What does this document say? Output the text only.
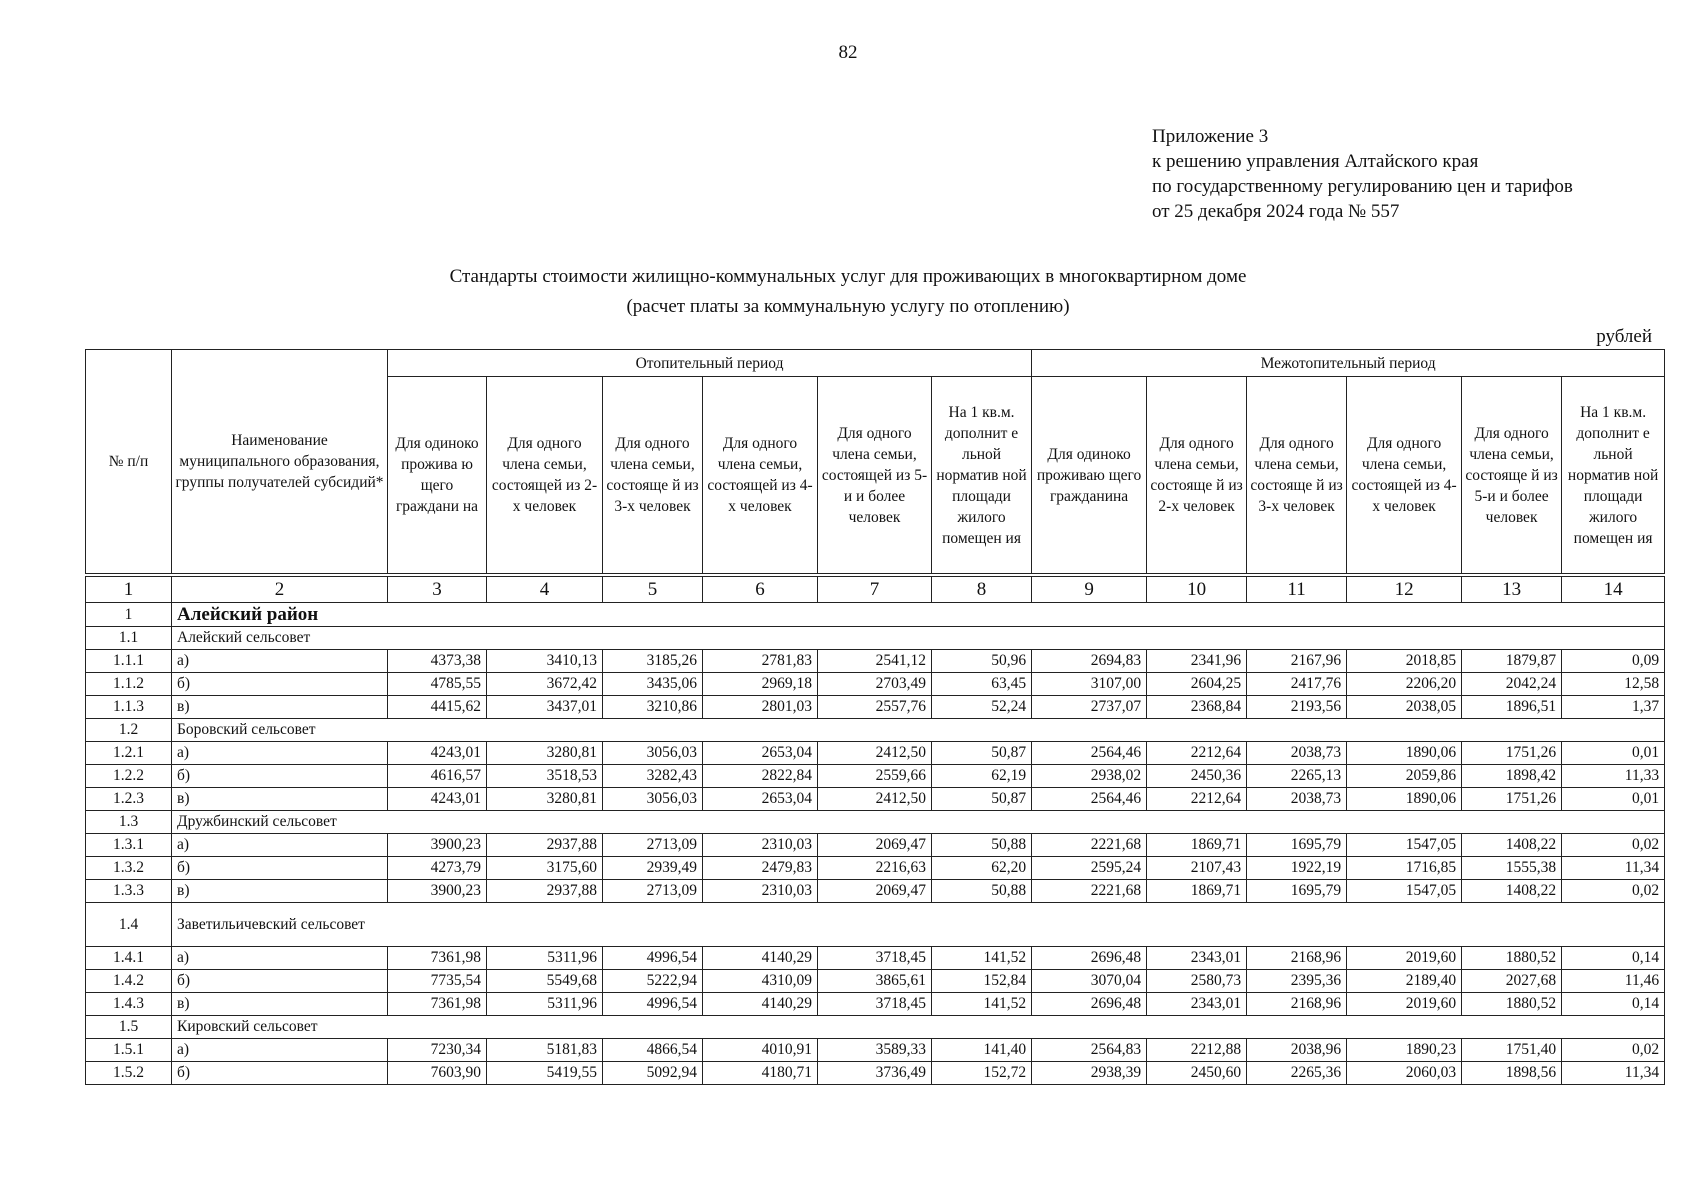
82
Приложение 3
к решению управления Алтайского края
по государственному регулированию цен и тарифов
от 25 декабря 2024 года № 557
Стандарты стоимости жилищно-коммунальных услуг для проживающих в многоквартирном доме
(расчет платы за коммунальную услугу по отоплению)
рублей
№ п/п	Наименование муниципального образования, группы получателей субсидий*	Отопительный период						Межотопительный период					
		Для одиноко прожива ю щего граждани на	Для одного члена семьи, состоящей из 2-х человек	Для одного члена семьи, состояще й из 3-х человек	Для одного члена семьи, состоящей из 4-х человек	Для одного члена семьи, состоящей из 5-и и более человек	На 1 кв.м. дополнит е льной норматив ной площади жилого помещен ия	Для одиноко проживаю щего гражданина	Для одного члена семьи, состояще й из 2-х человек	Для одного члена семьи, состояще й из 3-х человек	Для одного члена семьи, состоящей из 4-х человек	Для одного члена семьи, состояще й из 5-и и более человек	На 1 кв.м. дополнит е льной норматив ной площади жилого помещен ия
1	2	3	4	5	6	7	8	9	10	11	12	13	14
1	Алейский район												
1.1	Алейский сельсовет												
1.1.1	а)	4373,38	3410,13	3185,26	2781,83	2541,12	50,96	2694,83	2341,96	2167,96	2018,85	1879,87	0,09
1.1.2	б)	4785,55	3672,42	3435,06	2969,18	2703,49	63,45	3107,00	2604,25	2417,76	2206,20	2042,24	12,58
1.1.3	в)	4415,62	3437,01	3210,86	2801,03	2557,76	52,24	2737,07	2368,84	2193,56	2038,05	1896,51	1,37
1.2	Боровский сельсовет												
1.2.1	а)	4243,01	3280,81	3056,03	2653,04	2412,50	50,87	2564,46	2212,64	2038,73	1890,06	1751,26	0,01
1.2.2	б)	4616,57	3518,53	3282,43	2822,84	2559,66	62,19	2938,02	2450,36	2265,13	2059,86	1898,42	11,33
1.2.3	в)	4243,01	3280,81	3056,03	2653,04	2412,50	50,87	2564,46	2212,64	2038,73	1890,06	1751,26	0,01
1.3	Дружбинский сельсовет												
1.3.1	а)	3900,23	2937,88	2713,09	2310,03	2069,47	50,88	2221,68	1869,71	1695,79	1547,05	1408,22	0,02
1.3.2	б)	4273,79	3175,60	2939,49	2479,83	2216,63	62,20	2595,24	2107,43	1922,19	1716,85	1555,38	11,34
1.3.3	в)	3900,23	2937,88	2713,09	2310,03	2069,47	50,88	2221,68	1869,71	1695,79	1547,05	1408,22	0,02
1.4	Заветильичевский сельсовет												
1.4.1	а)	7361,98	5311,96	4996,54	4140,29	3718,45	141,52	2696,48	2343,01	2168,96	2019,60	1880,52	0,14
1.4.2	б)	7735,54	5549,68	5222,94	4310,09	3865,61	152,84	3070,04	2580,73	2395,36	2189,40	2027,68	11,46
1.4.3	в)	7361,98	5311,96	4996,54	4140,29	3718,45	141,52	2696,48	2343,01	2168,96	2019,60	1880,52	0,14
1.5	Кировский сельсовет												
1.5.1	а)	7230,34	5181,83	4866,54	4010,91	3589,33	141,40	2564,83	2212,88	2038,96	1890,23	1751,40	0,02
1.5.2	б)	7603,90	5419,55	5092,94	4180,71	3736,49	152,72	2938,39	2450,60	2265,36	2060,03	1898,56	11,34
